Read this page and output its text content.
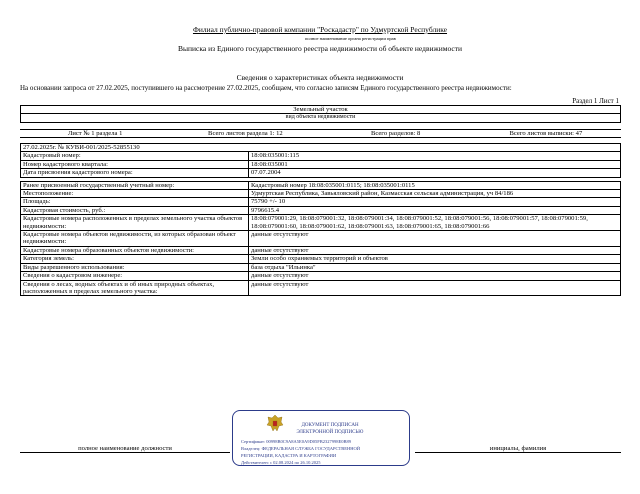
Филиал публично-правовой компании "Роскадастр" по Удмуртской Республике
полное наименование органа регистрации прав
Выписка из Единого государственного реестра недвижимости об объекте недвижимости
Сведения о характеристиках объекта недвижимости
На основании запроса от 27.02.2025, поступившего на рассмотрение 27.02.2025, сообщаем, что согласно записям Единого государственного реестра недвижимости:
Раздел 1 Лист 1
Земельный участок
вид объекта недвижимости
Лист № 1 раздела 1	Всего листов раздела 1: 12	Всего разделов: 8	Всего листов выписки: 47
27.02.2025г. № КУВИ-001/2025-52855130	
Кадастровый номер:	18:08:035001:115
Номер кадастрового квартала:	18:08:035001
Дата присвоения кадастрового номера:	07.07.2004

Ранее присвоенный государственный учетный номер:	Кадастровый номер 18:08:035001:0115; 18:08:035001:0115
Местоположение:	Удмуртская Республика, Завьяловский район, Казмасская сельская администрация, уч 84/186
Площадь:	75790 +/- 10
Кадастровая стоимость, руб.:	9796615.4
Кадастровые номера расположенных в пределах земельного участка объектов недвижимости:	18:08:079001:29, 18:08:079001:32, 18:08:079001:34, 18:08:079001:52, 18:08:079001:56, 18:08:079001:57, 18:08:079001:59, 18:08:079001:60, 18:08:079001:62, 18:08:079001:63, 18:08:079001:65, 18:08:079001:66
Кадастровые номера объектов недвижимости, из которых образован объект недвижимости:	данные отсутствуют
Кадастровые номера образованных объектов недвижимости:	данные отсутствуют
Категория земель:	Земли особо охраняемых территорий и объектов
Виды разрешенного использования:	база отдыха "Ильинка"
Сведения о кадастровом инженере:	данные отсутствуют
Сведения о лесах, водных объектах и об иных природных объектах, расположенных в пределах земельного участка:	данные отсутствуют
полное наименование должности	инициалы, фамилия
ДОКУМЕНТ ПОДПИСАН
ЭЛЕКТРОННОЙ ПОДПИСЬЮ
Сертификат: 00998B0C9A8A5E0A9D05FB2327998E0B89
Владелец: ФЕДЕРАЛЬНАЯ СЛУЖБА ГОСУДАРСТВЕННОЙ
РЕГИСТРАЦИИ, КАДАСТРА И КАРТОГРАФИИ
Действителен: с 02.08.2024 по 26.10.2025
